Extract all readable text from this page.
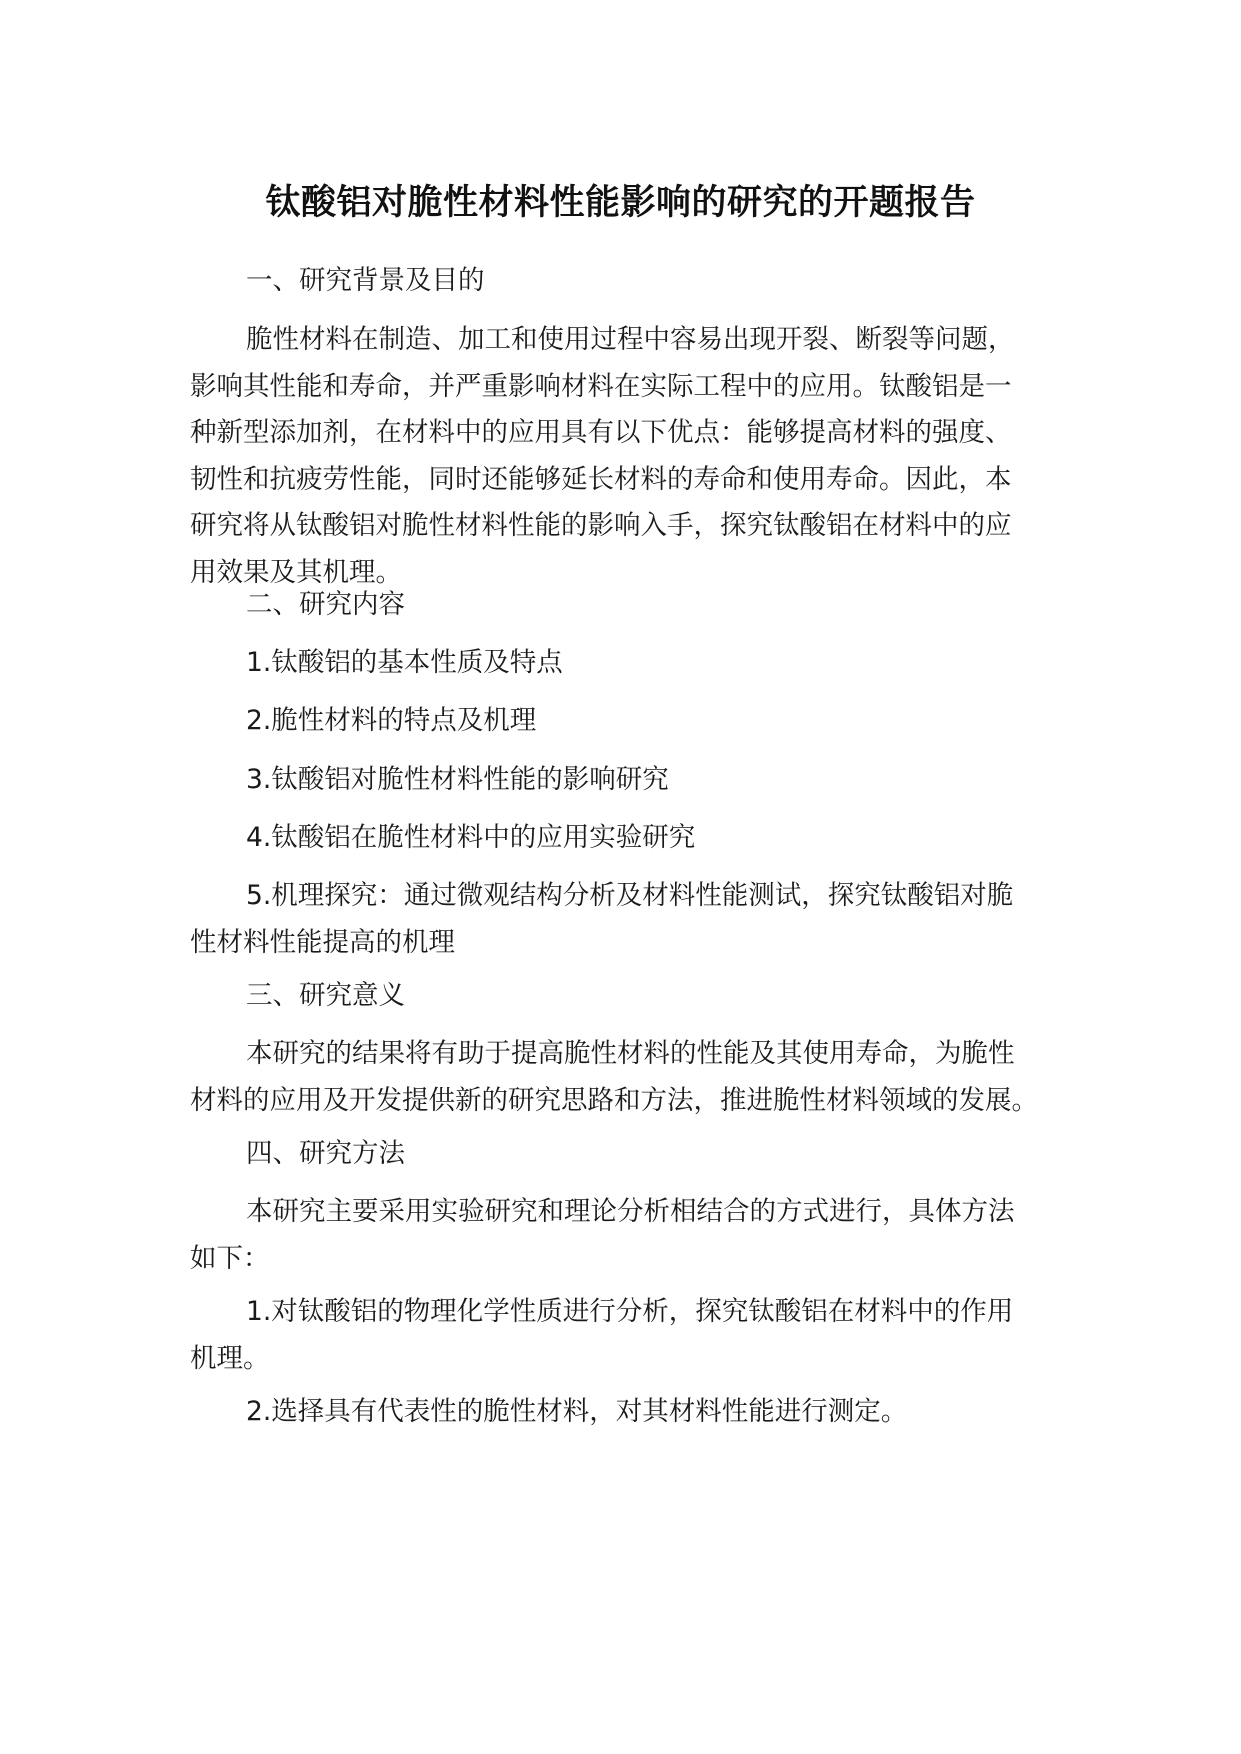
钛酸铝对脆性材料性能影响的研究的开题报告
一、研究背景及目的
脆性材料在制造、加工和使用过程中容易出现开裂、断裂等问题，
影响其性能和寿命，并严重影响材料在实际工程中的应用。钛酸铝是一
种新型添加剂，在材料中的应用具有以下优点：能够提高材料的强度、
韧性和抗疲劳性能，同时还能够延长材料的寿命和使用寿命。因此，本
研究将从钛酸铝对脆性材料性能的影响入手，探究钛酸铝在材料中的应
用效果及其机理。
二、研究内容
1.钛酸铝的基本性质及特点
2.脆性材料的特点及机理
3.钛酸铝对脆性材料性能的影响研究
4.钛酸铝在脆性材料中的应用实验研究
5.机理探究：通过微观结构分析及材料性能测试，探究钛酸铝对脆
性材料性能提高的机理
三、研究意义
本研究的结果将有助于提高脆性材料的性能及其使用寿命，为脆性
材料的应用及开发提供新的研究思路和方法，推进脆性材料领域的发展。
四、研究方法
本研究主要采用实验研究和理论分析相结合的方式进行，具体方法
如下：
1.对钛酸铝的物理化学性质进行分析，探究钛酸铝在材料中的作用
机理。
2.选择具有代表性的脆性材料，对其材料性能进行测定。
